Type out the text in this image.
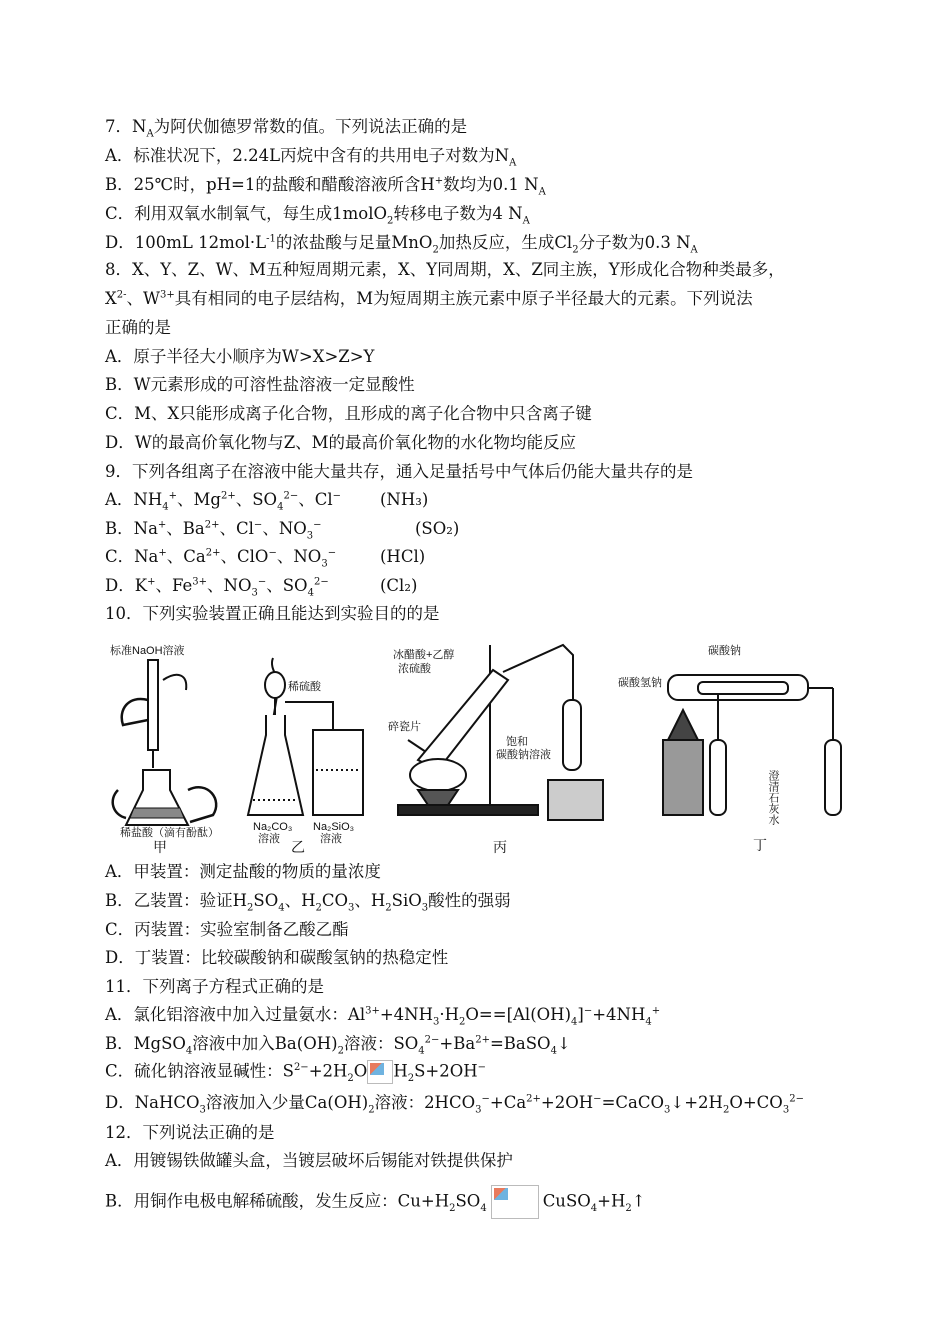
7．$N_A$为阿伏伽德罗常数的值。下列说法正确的是
A．标准状况下，2.24L丙烷中含有的共用电子对数为$N_A$
B．25℃时，pH=1的盐酸和醋酸溶液所含H+数均为0.1 $N_A$
C．利用双氧水制氧气，每生成1molO$_2$转移电子数为4 $N_A$
D．100mL $12mol\cdot L^{-1}$的浓盐酸与足量MnO$_2$加热反应，生成$Cl_2$分子数为0.3 $N_A$
8．X、Y、Z、W、M五种短周期元素，X、Y同周期，X、Z同主族，Y形成化合物种类最多，
$X^{2-}$、$W^{3+}$具有相同的电子层结构，M为短周期主族元素中原子半径最大的元素。下列说法
正确的是
A．原子半径大小顺序为W>X>Z>Y
B．W元素形成的可溶性盐溶液一定显酸性
C．M、X只能形成离子化合物，且形成的离子化合物中只含离子键
D．W的最高价氧化物与Z、M的最高价氧化物的水化物均能反应
9．下列各组离子在溶液中能大量共存，通入足量括号中气体后仍能大量共存的是
A．$NH_4^+$、$Mg^{2+}$、$SO_4^{2-}$、Cl− (NH₃)
B．Na+、$Ba^{2+}$、Cl−、$NO_3^-$	(SO₂)
C．Na+、$Ca^{2+}$、ClO−、$NO_3^-$	(HCl)
D．K+、$Fe^{3+}$、$NO_3^-$、$SO_4^{2-}$	(Cl₂)
10．下列实验装置正确且能达到实验目的的是
标准NaOH溶液
稀盐酸（滴有酚酞）
甲
稀硫酸
Na₂CO₃
溶液
Na₂SiO₃
溶液
乙
冰醋酸+乙醇
浓硫酸
碎瓷片
饱和
碳酸钠溶液
丙
碳酸钠
碳酸氢钠
澄清石灰水
丁
A．甲装置：测定盐酸的物质的量浓度
B．乙装置：验证$H_2SO_4$、$H_2CO_3$、$H_2SiO_3$酸性的强弱
C．丙装置：实验室制备乙酸乙酯
D．丁装置：比较碳酸钠和碳酸氢钠的热稳定性
11．下列离子方程式正确的是
A．氯化铝溶液中加入过量氨水：$Al^{3+}+4NH_3\cdot H_2O==[Al(OH)_4]^-+4NH_4^+$
B．MgSO$_4$溶液中加入$Ba(OH)_2$溶液：$SO_4^{2-}+Ba^{2+}=BaSO_4↓$
C．硫化钠溶液显碱性：$S^{2-}+2H_2O$ $H_2S+2OH^-$
D．NaHCO$_3$溶液加入少量$Ca(OH)_2$溶液：$2HCO_3^-+Ca^{2+}+2OH^-=CaCO_3↓+2H_2O+CO_3^{2-}$
12．下列说法正确的是
A．用镀锡铁做罐头盒，当镀层破坏后锡能对铁提供保护
B．用铜作电极电解稀硫酸，发生反应：$Cu+H_2SO_4$	$CuSO_4+H_2↑$
